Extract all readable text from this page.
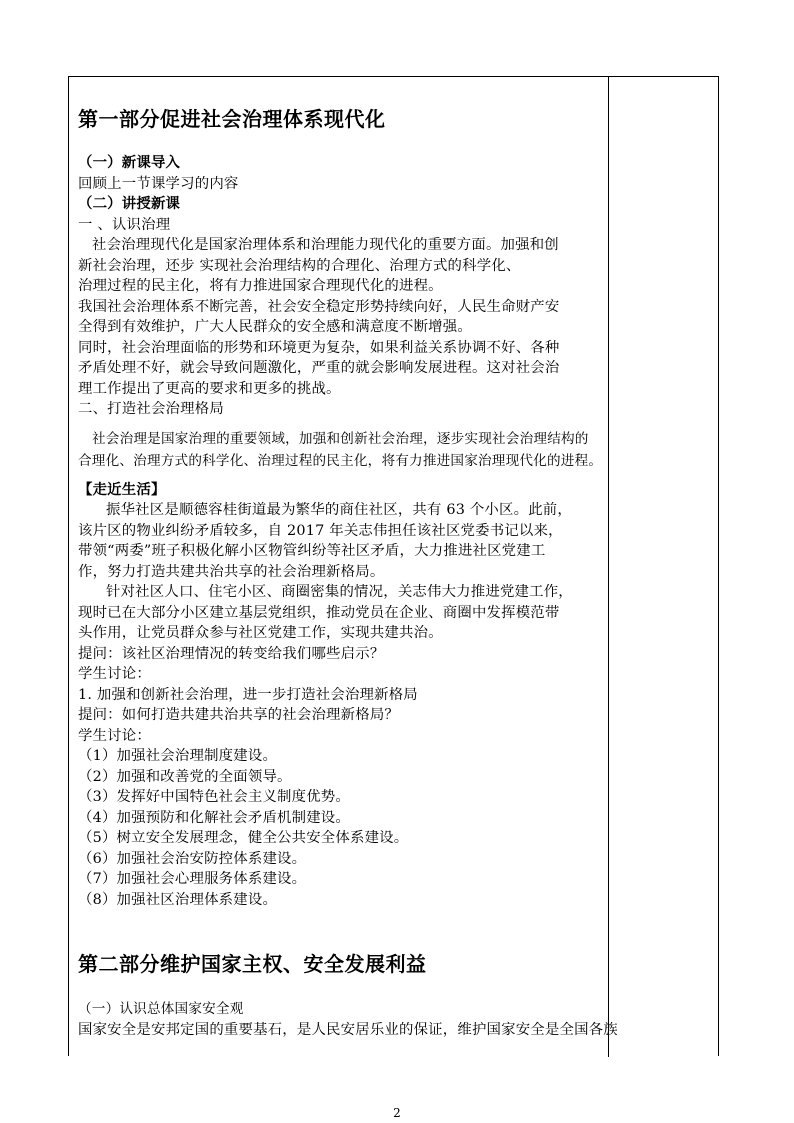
第一部分促进社会治理体系现代化

（一）新课导入

回顾上一节课学习的内容

（二）讲授新课

一 、认识治理

社会治理现代化是国家治理体系和治理能力现代化的重要方面。加强和创

新社会治理，还步 实现社会治理结构的合理化、治理方式的科学化、

治理过程的民主化，将有力推进国家合理现代化的进程。

我国社会治理体系不断完善，社会安全稳定形势持续向好，人民生命财产安

全得到有效维护，广大人民群众的安全感和满意度不断增强。

同时，社会治理面临的形势和环境更为复杂，如果利益关系协调不好、各种

矛盾处理不好，就会导致问题激化，严重的就会影响发展进程。这对社会治

理工作提出了更高的要求和更多的挑战。

二、打造社会治理格局

社会治理是国家治理的重要领域，加强和创新社会治理，逐步实现社会治理结构的

合理化、治理方式的科学化、治理过程的民主化，将有力推进国家治理现代化的进程。

【走近生活】

振华社区是顺德容桂街道最为繁华的商住社区，共有 63 个小区。此前，

该片区的物业纠纷矛盾较多，自 2017 年关志伟担任该社区党委书记以来，

带领“两委”班子积极化解小区物管纠纷等社区矛盾，大力推进社区党建工

作，努力打造共建共治共享的社会治理新格局。

针对社区人口、住宅小区、商圈密集的情况，关志伟大力推进党建工作，

现时已在大部分小区建立基层党组织，推动党员在企业、商圈中发挥模范带

头作用，让党员群众参与社区党建工作，实现共建共治。

提问：该社区治理情况的转变给我们哪些启示？

学生讨论：

1. 加强和创新社会治理，进一步打造社会治理新格局

提问：如何打造共建共治共享的社会治理新格局？

学生讨论：

（1）加强社会治理制度建设。

（2）加强和改善党的全面领导。

（3）发挥好中国特色社会主义制度优势。

（4）加强预防和化解社会矛盾机制建设。

（5）树立安全发展理念，健全公共安全体系建设。

（6）加强社会治安防控体系建设。

（7）加强社会心理服务体系建设。

（8）加强社区治理体系建设。

第二部分维护国家主权、安全发展利益

（一）认识总体国家安全观

国家安全是安邦定国的重要基石，是人民安居乐业的保证，维护国家安全是全国各族

2
